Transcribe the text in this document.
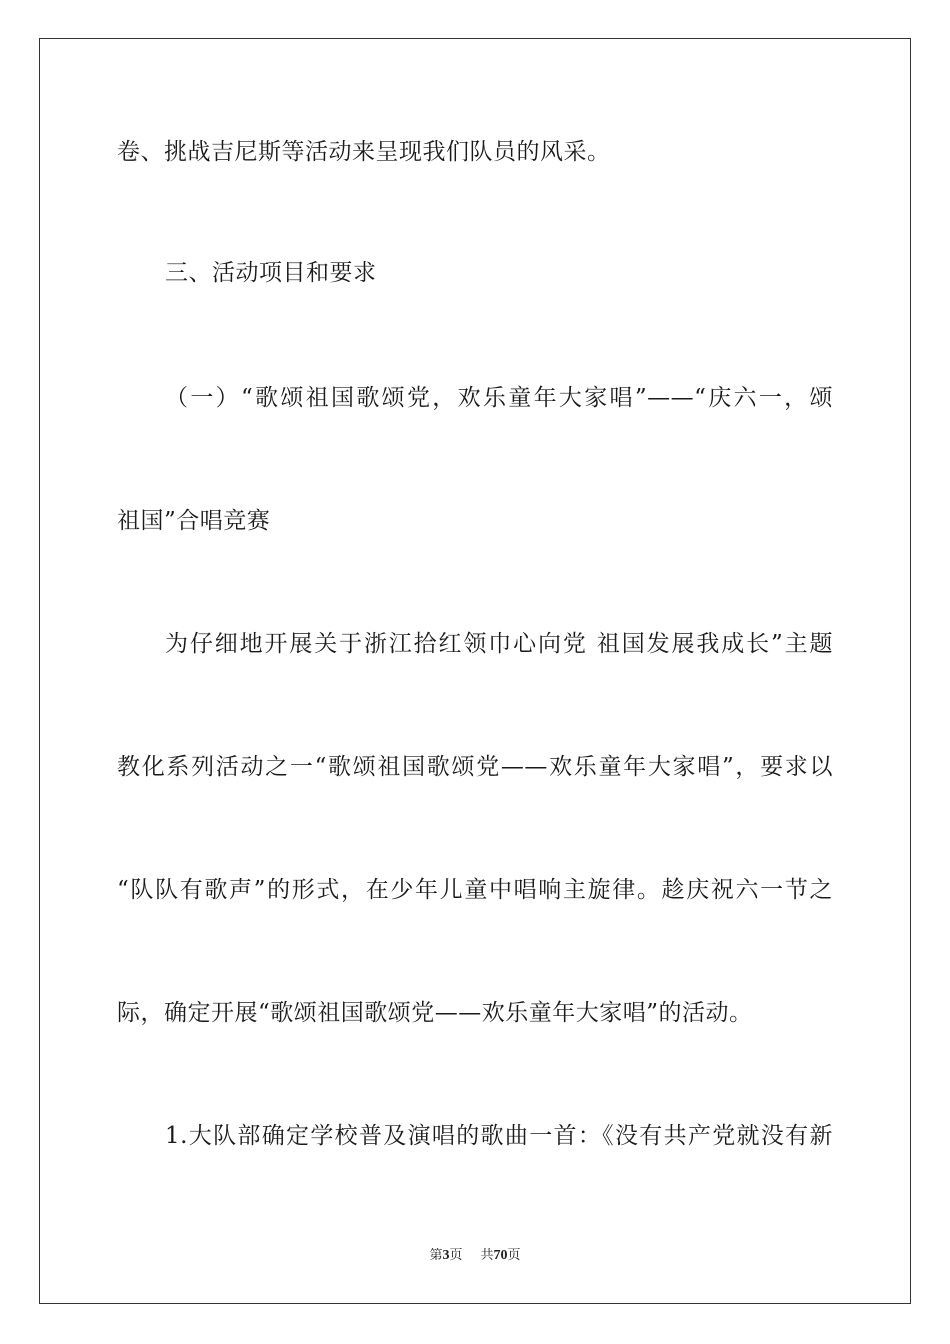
卷、挑战吉尼斯等活动来呈现我们队员的风采。
三、活动项目和要求
（一）“歌颂祖国歌颂党，欢乐童年大家唱”——“庆六一，颂
祖国”合唱竞赛
为仔细地开展关于浙江拾红领巾心向党 祖国发展我成长”主题
教化系列活动之一“歌颂祖国歌颂党——欢乐童年大家唱”，要求以
“队队有歌声”的形式，在少年儿童中唱响主旋律。趁庆祝六一节之
际，确定开展“歌颂祖国歌颂党——欢乐童年大家唱”的活动。
1.大队部确定学校普及演唱的歌曲一首：《没有共产党就没有新
第3页 共70页
